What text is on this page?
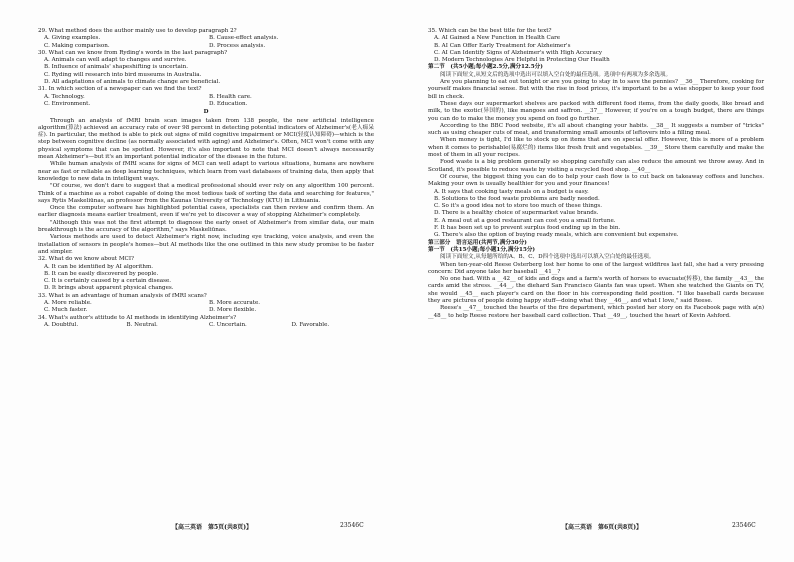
29. What method does the author mainly use to develop paragraph 2?

A. Giving examples.	B. Cause-effect analysis.
C. Making comparison.	D. Process analysis.

30. What can we know from Ryding's words in the last paragraph?

A. Animals can well adapt to changes and survive.
B. Influence of animals' shapeshifting is uncertain.
C. Ryding will research into bird museums in Australia.
D. All adaptations of animals to climate change are beneficial.

31. In which section of a newspaper can we find the text?

A. Technology.	B. Health care.
C. Environment.	D. Education.

D

Through an analysis of fMRI brain scan images taken from 138 people, the new artificial intelligence algorithm(算法) achieved an accuracy rate of over 98 percent in detecting potential indicators of Alzheimer's(老人痴呆症). In particular, the method is able to pick out signs of mild cognitive impairment or MCI(轻度认知障碍)—which is the step between cognitive decline (as normally associated with aging) and Alzheimer's. Often, MCI won't come with any physical symptoms that can be spotted. However, it's also important to note that MCI doesn't always necessarily mean Alzheimer's—but it's an important potential indicator of the disease in the future.

While human analysis of fMRI scans for signs of MCI can well adapt to various situations, humans are nowhere near as fast or reliable as deep learning techniques, which learn from vast databases of training data, then apply that knowledge to new data in intelligent ways.

"Of course, we don't dare to suggest that a medical professional should ever rely on any algorithm 100 percent. Think of a machine as a robot capable of doing the most tedious task of sorting the data and searching for features," says Rytis Maskeliūnas, an professor from the Kaunas University of Technology (KTU) in Lithuania.

Once the computer software has highlighted potential cases, specialists can then review and confirm them. An earlier diagnosis means earlier treatment, even if we're yet to discover a way of stopping Alzheimer's completely.

"Although this was not the first attempt to diagnose the early onset of Alzheimer's from similar data, our main breakthrough is the accuracy of the algorithm," says Maskeliūnas.

Various methods are used to detect Alzheimer's right now, including eye tracking, voice analysis, and even the installation of sensors in people's homes—but AI methods like the one outlined in this new study promise to be faster and simpler.

32. What do we know about MCI?

A. It can be identified by AI algorithm.
B. It can be easily discovered by people.
C. It is certainly caused by a certain disease.
D. It brings about apparent physical changes.

33. What is an advantage of human analysis of fMRI scans?

A. More reliable.	B. More accurate.
C. Much faster.	D. More flexible.

34. What's author's attitude to AI methods in identifying Alzheimer's?

A. Doubtful.	B. Neutral.	C. Uncertain.	D. Favorable.
【高三英语　第5页(共8页)】	23546C

35. Which can be the best title for the text?

A. AI Gained a New Function in Health Care
B. AI Can Offer Early Treatment for Alzheimer's
C. AI Can Identify Signs of Alzheimer's with High Accuracy
D. Modern Technologies Are Helpful in Protecting Our Health

第二节　(共5小题;每小题2.5分,满分12.5分)

阅读下面短文,从短文后的选项中选出可以填入空白处的最佳选项。选项中有两项为多余选项。

Are you planning to eat out tonight or are you going to stay in to save the pennies? __36__ Therefore, cooking for yourself makes financial sense. But with the rise in food prices, it's important to be a wise shopper to keep your food bill in check.

These days our supermarket shelves are packed with different food items, from the daily goods, like bread and milk, to the exotic(异国的), like mangoes and saffron. __37__ However, if you're on a tough budget, there are things you can do to make the money you spend on food go further.

According to the BBC Food website, it's all about changing your habits. __38__ It suggests a number of "tricks" such as using cheaper cuts of meat, and transforming small amounts of leftovers into a filling meal.

When money is tight, I'd like to stock up on items that are on special offer. However, this is more of a problem when it comes to perishable(易腐烂的) items like fresh fruit and vegetables. __39__ Store them carefully and make the most of them in all your recipes.

Food waste is a big problem generally so shopping carefully can also reduce the amount we throw away. And in Scotland, it's possible to reduce waste by visiting a recycled food shop. __40__

Of course, the biggest thing you can do to help your cash flow is to cut back on takeaway coffees and lunches. Making your own is usually healthier for you and your finances!

A. It says that cooking tasty meals on a budget is easy.
B. Solutions to the food waste problems are badly needed.
C. So it's a good idea not to store too much of these things.
D. There is a healthy choice of supermarket value brands.
E. A meal out at a good restaurant can cost you a small fortune.
F. It has been set up to prevent surplus food ending up in the bin.
G. There's also the option of buying ready meals, which are convenient but expensive.

第三部分　语言运用(共两节,满分30分)

第一节　(共15小题;每小题1分,满分15分)

阅读下面短文,从每题所给的A、B、C、D四个选项中选出可以填入空白处的最佳选项。

When ten-year-old Reese Osterberg lost her home to one of the largest wildfires last fall, she had a very pressing concern: Did anyone take her baseball __41__?

No one had. With a __42__ of kids and dogs and a farm's worth of horses to evacuate(转移), the family __43__ the cards amid the stress. __44__, the diehard San Francisco Giants fan was upset. When she watched the Giants on TV, she would __45__ each player's card on the floor in his corresponding field position. "I like baseball cards because they are pictures of people doing happy stuff—doing what they __46__, and what I love," said Reese.

Reese's __47__ touched the hearts of the fire department, which posted her story on its Facebook page with a(n) __48__ to help Reese restore her baseball card collection. That __49__, touched the heart of Kevin Ashford.

【高三英语　第6页(共8页)】	23546C
